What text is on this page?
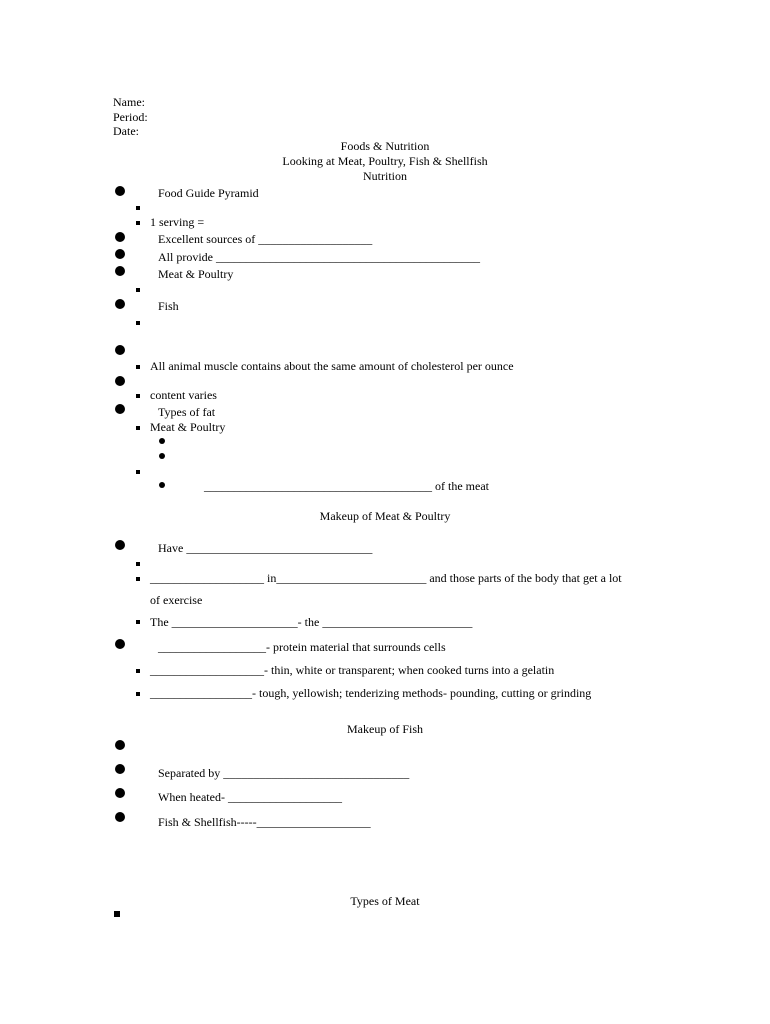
Name:
Period:
Date:
Foods & Nutrition
Looking at Meat, Poultry, Fish & Shellfish
Nutrition
Food Guide Pyramid
1 serving =
Excellent sources of ___________________
All provide ____________________________________________
Meat & Poultry
Fish
All animal muscle contains about the same amount of cholesterol per ounce
content varies
Types of fat
Meat & Poultry
______________________________________ of the meat
Makeup of Meat & Poultry
Have _______________________________
___________________ in_________________________ and those parts of the body that get a lot
of exercise
The _____________________- the _________________________
__________________- protein material that surrounds cells
___________________- thin, white or transparent; when cooked turns into a gelatin
_________________- tough, yellowish; tenderizing methods- pounding, cutting or grinding
Makeup of Fish
Separated by _______________________________
When heated- ___________________
Fish & Shellfish-----___________________
Types of Meat
